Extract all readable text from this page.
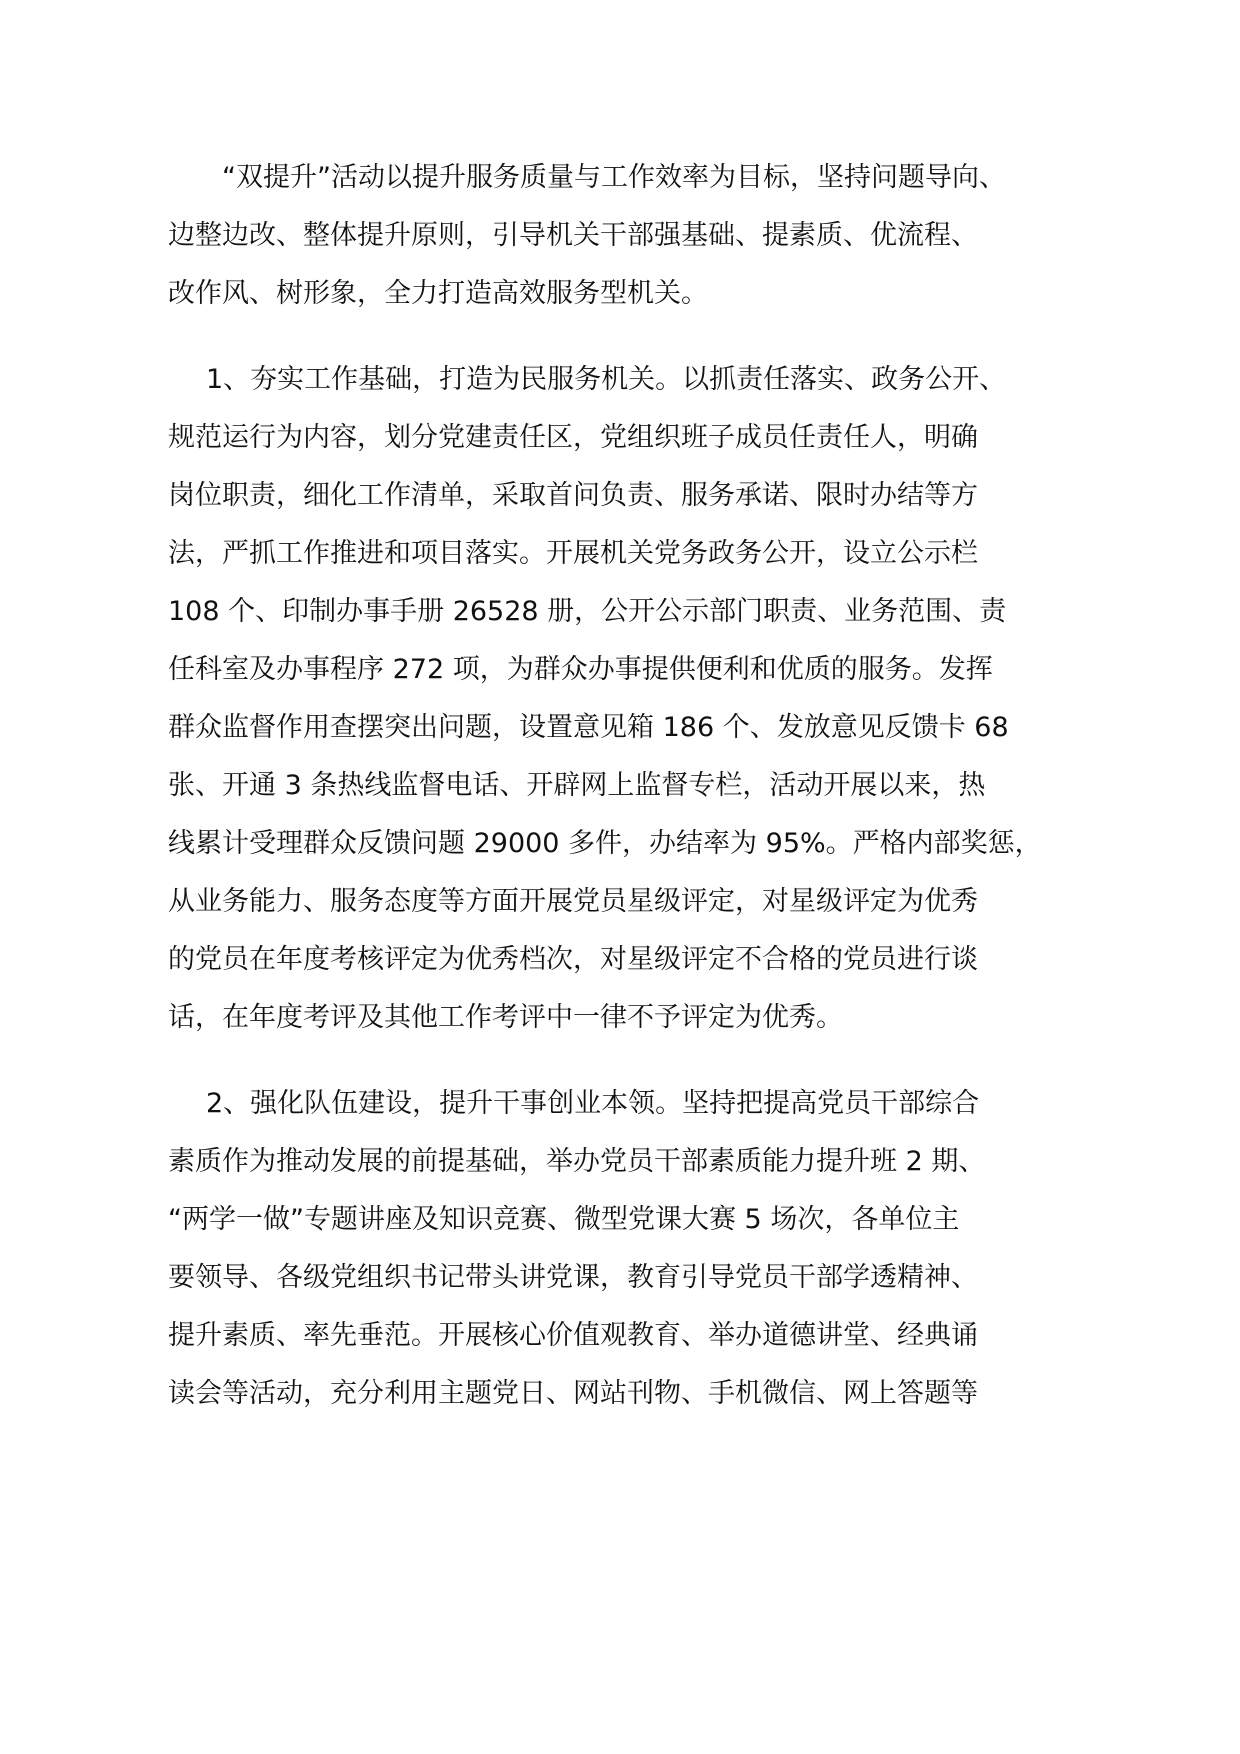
“双提升”活动以提升服务质量与工作效率为目标，坚持问题导向、
边整边改、整体提升原则，引导机关干部强基础、提素质、优流程、
改作风、树形象，全力打造高效服务型机关。
1、夯实工作基础，打造为民服务机关。以抓责任落实、政务公开、
规范运行为内容，划分党建责任区，党组织班子成员任责任人，明确
岗位职责，细化工作清单，采取首问负责、服务承诺、限时办结等方
法，严抓工作推进和项目落实。开展机关党务政务公开，设立公示栏
108 个、印制办事手册 26528 册，公开公示部门职责、业务范围、责
任科室及办事程序 272 项，为群众办事提供便利和优质的服务。发挥
群众监督作用查摆突出问题，设置意见箱 186 个、发放意见反馈卡 68
张、开通 3 条热线监督电话、开辟网上监督专栏，活动开展以来，热
线累计受理群众反馈问题 29000 多件，办结率为 95%。严格内部奖惩，
从业务能力、服务态度等方面开展党员星级评定，对星级评定为优秀
的党员在年度考核评定为优秀档次，对星级评定不合格的党员进行谈
话，在年度考评及其他工作考评中一律不予评定为优秀。
2、强化队伍建设，提升干事创业本领。坚持把提高党员干部综合
素质作为推动发展的前提基础，举办党员干部素质能力提升班 2 期、
“两学一做”专题讲座及知识竞赛、微型党课大赛 5 场次，各单位主
要领导、各级党组织书记带头讲党课，教育引导党员干部学透精神、
提升素质、率先垂范。开展核心价值观教育、举办道德讲堂、经典诵
读会等活动，充分利用主题党日、网站刊物、手机微信、网上答题等
